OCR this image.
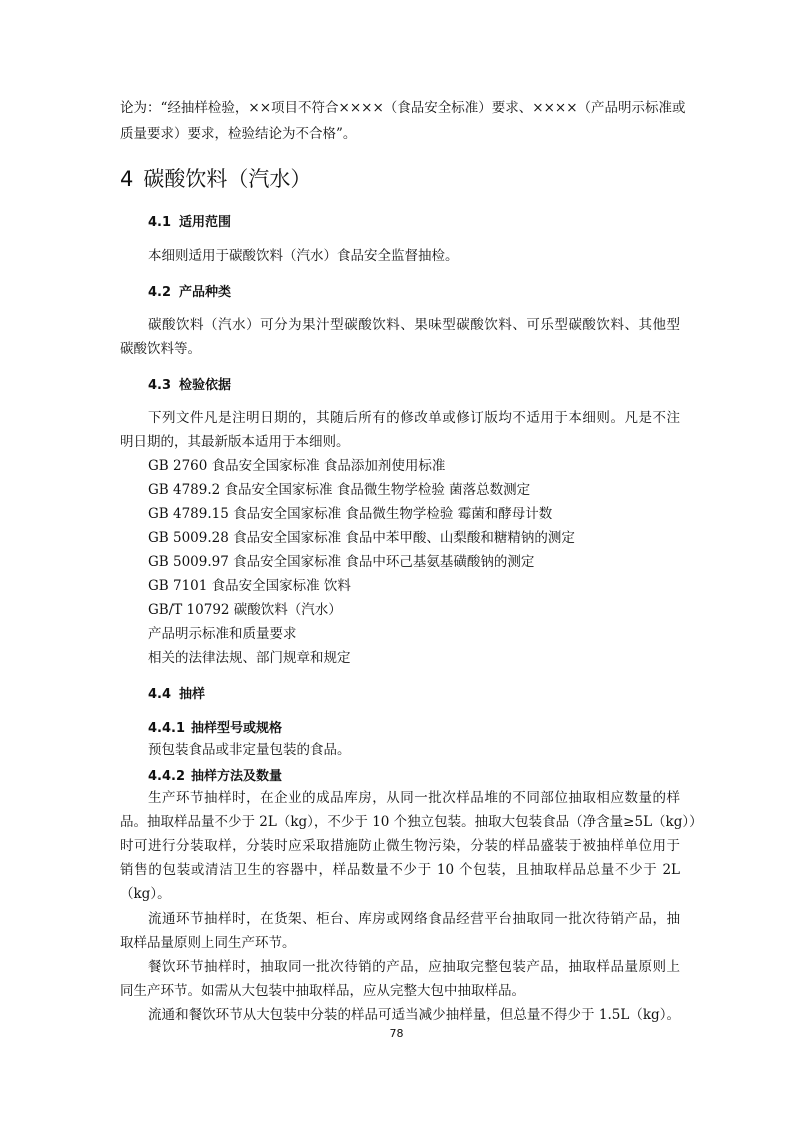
论为：“经抽样检验，××项目不符合××××（食品安全标准）要求、××××（产品明示标准或
质量要求）要求，检验结论为不合格”。
4 碳酸饮料（汽水）
4.1 适用范围
本细则适用于碳酸饮料（汽水）食品安全监督抽检。
4.2 产品种类
碳酸饮料（汽水）可分为果汁型碳酸饮料、果味型碳酸饮料、可乐型碳酸饮料、其他型
碳酸饮料等。
4.3 检验依据
下列文件凡是注明日期的，其随后所有的修改单或修订版均不适用于本细则。凡是不注
明日期的，其最新版本适用于本细则。
GB 2760 食品安全国家标准 食品添加剂使用标准
GB 4789.2 食品安全国家标准 食品微生物学检验 菌落总数测定
GB 4789.15 食品安全国家标准 食品微生物学检验 霉菌和酵母计数
GB 5009.28 食品安全国家标准 食品中苯甲酸、山梨酸和糖精钠的测定
GB 5009.97 食品安全国家标准 食品中环己基氨基磺酸钠的测定
GB 7101 食品安全国家标准 饮料
GB/T 10792 碳酸饮料（汽水）
产品明示标准和质量要求
相关的法律法规、部门规章和规定
4.4 抽样
4.4.1 抽样型号或规格
预包装食品或非定量包装的食品。
4.4.2 抽样方法及数量
生产环节抽样时，在企业的成品库房，从同一批次样品堆的不同部位抽取相应数量的样
品。抽取样品量不少于 2L（kg），不少于 10 个独立包装。抽取大包装食品（净含量≥5L（kg））
时可进行分装取样，分装时应采取措施防止微生物污染，分装的样品盛装于被抽样单位用于
销售的包装或清洁卫生的容器中，样品数量不少于 10 个包装，且抽取样品总量不少于 2L
（kg）。
流通环节抽样时，在货架、柜台、库房或网络食品经营平台抽取同一批次待销产品，抽
取样品量原则上同生产环节。
餐饮环节抽样时，抽取同一批次待销的产品，应抽取完整包装产品，抽取样品量原则上
同生产环节。如需从大包装中抽取样品，应从完整大包中抽取样品。
流通和餐饮环节从大包装中分装的样品可适当减少抽样量，但总量不得少于 1.5L（kg）。
78
